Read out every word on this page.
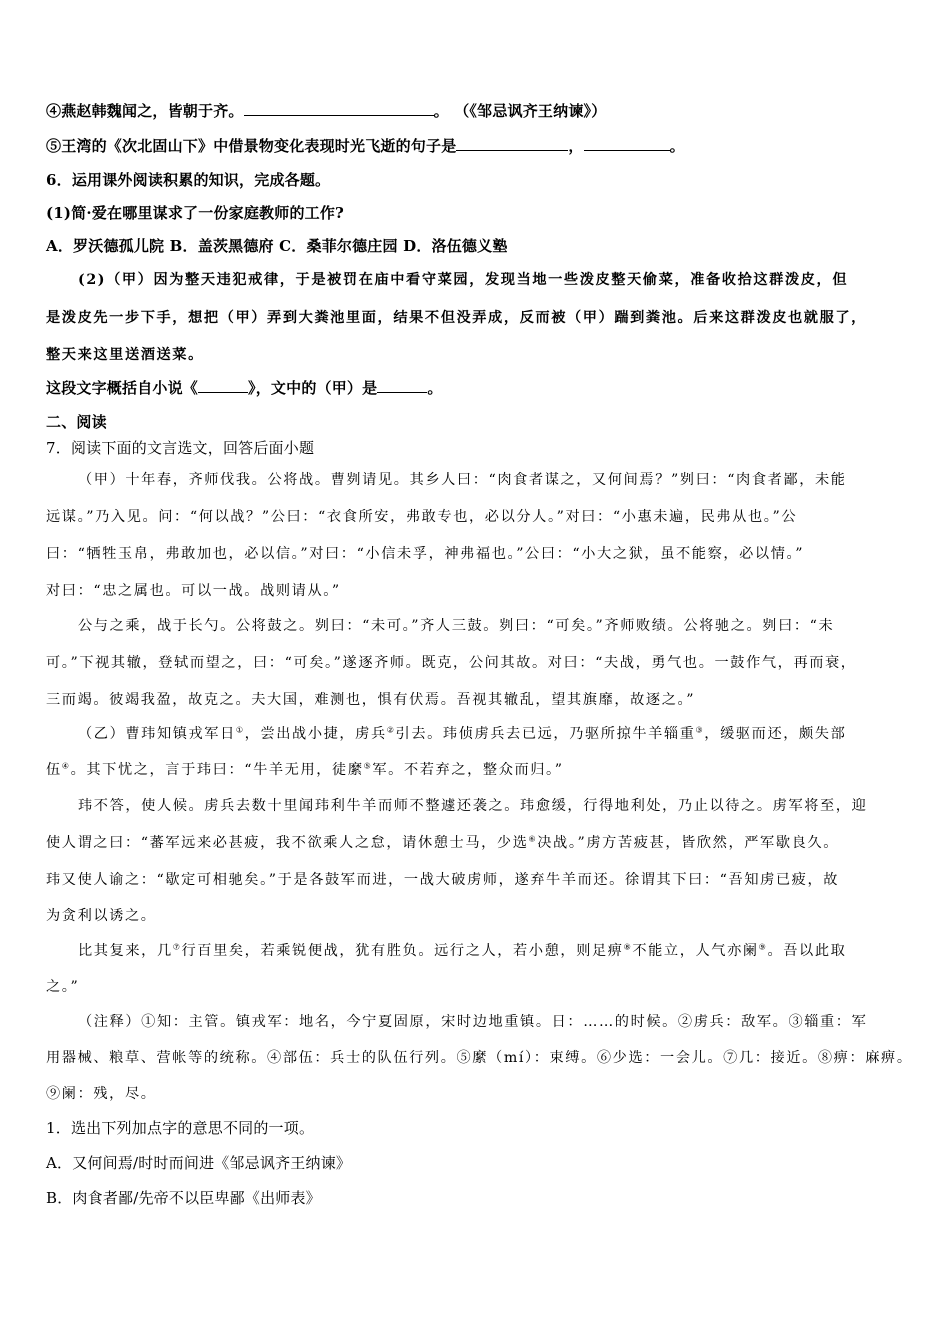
④燕赵韩魏闻之，皆朝于齐。	。 （《邹忌讽齐王纳谏》）
⑤王湾的《次北固山下》中借景物变化表现时光飞逝的句子是	，	。
6．运用课外阅读积累的知识，完成各题。
(1)简·爱在哪里谋求了一份家庭教师的工作?
A．罗沃德孤儿院 B．盖茨黑德府 C．桑菲尔德庄园 D．洛伍德义塾
(2)（甲）因为整天违犯戒律，于是被罚在庙中看守菜园，发现当地一些泼皮整天偷菜，准备收拾这群泼皮，但
是泼皮先一步下手，想把（甲）弄到大粪池里面，结果不但没弄成，反而被（甲）踹到粪池。后来这群泼皮也就服了，
整天来这里送酒送菜。
这段文字概括自小说《	》，文中的（甲）是	。
二、阅读
7．阅读下面的文言选文，回答后面小题
（甲）十年春，齐师伐我。公将战。曹刿请见。其乡人曰：“肉食者谋之，又何间焉？”刿曰：“肉食者鄙，未能
远谋。”乃入见。问：“何以战？”公曰：“衣食所安，弗敢专也，必以分人。”对曰：“小惠未遍，民弗从也。”公
曰：“牺牲玉帛，弗敢加也，必以信。”对曰：“小信未孚，神弗福也。”公曰：“小大之狱，虽不能察，必以情。”
对曰：“忠之属也。可以一战。战则请从。”
公与之乘，战于长勺。公将鼓之。刿曰：“未可。”齐人三鼓。刿曰：“可矣。”齐师败绩。公将驰之。刿曰：“未
可。”下视其辙，登轼而望之，曰：“可矣。”遂逐齐师。既克，公问其故。对曰：“夫战，勇气也。一鼓作气，再而衰，
三而竭。彼竭我盈，故克之。夫大国，难测也，惧有伏焉。吾视其辙乱，望其旗靡，故逐之。”
（乙）曹玮知镇戎军日①，尝出战小捷，虏兵②引去。玮侦虏兵去已远，乃驱所掠牛羊辎重③，缓驱而还，颇失部
伍④。其下忧之，言于玮曰：“牛羊无用，徒縻⑤军。不若弃之，整众而归。”
玮不答，使人候。虏兵去数十里闻玮利牛羊而师不整遽还袭之。玮愈缓，行得地利处，乃止以待之。虏军将至，迎
使人谓之曰：“蕃军远来必甚疲，我不欲乘人之怠，请休憩士马，少选⑥决战。”虏方苦疲甚，皆欣然，严军歇良久。
玮又使人谕之：“歇定可相驰矣。”于是各鼓军而进，一战大破虏师，遂弃牛羊而还。徐谓其下曰：“吾知虏已疲，故
为贪利以诱之。
比其复来，几⑦行百里矣，若乘锐便战，犹有胜负。远行之人，若小憩，则足痹⑧不能立，人气亦阑⑨。吾以此取
之。”
（注释）①知：主管。镇戎军：地名，今宁夏固原，宋时边地重镇。日：……的时候。②虏兵：敌军。③辎重：军
用器械、粮草、营帐等的统称。④部伍：兵士的队伍行列。⑤縻（mí）：束缚。⑥少选：一会儿。⑦几：接近。⑧痹：麻痹。
⑨阑：残，尽。
1．选出下列加点字的意思不同的一项。
A．又何间焉/时时而间进《邹忌讽齐王纳谏》
B．肉食者鄙/先帝不以臣卑鄙《出师表》
